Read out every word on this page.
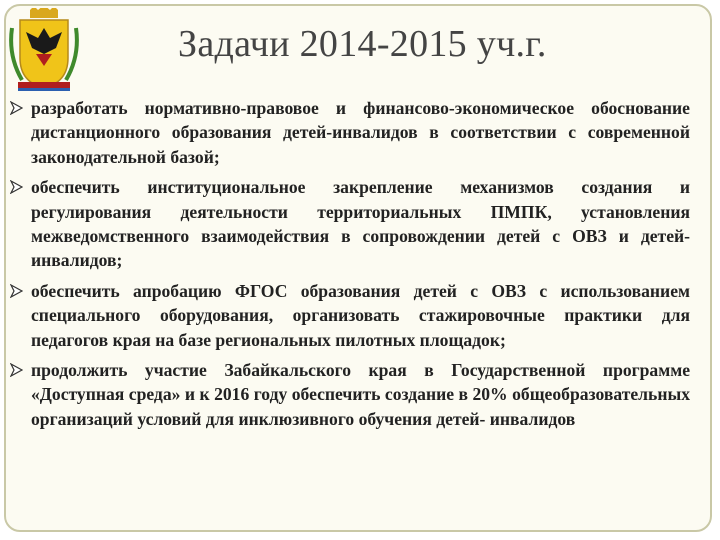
Задачи 2014-2015 уч.г.
разработать нормативно-правовое и финансово-экономическое обоснование дистанционного образования детей-инвалидов в соответствии с современной законодательной базой;
обеспечить институциональное закрепление механизмов создания и регулирования деятельности территориальных ПМПК, установления межведомственного взаимодействия в сопровождении детей с ОВЗ и детей-инвалидов;
обеспечить апробацию ФГОС образования детей с ОВЗ с использованием специального оборудования, организовать стажировочные практики для педагогов края на базе региональных пилотных площадок;
продолжить участие Забайкальского края в Государственной программе «Доступная среда» и к 2016 году обеспечить создание в 20% общеобразовательных организаций условий для инклюзивного обучения детей- инвалидов
